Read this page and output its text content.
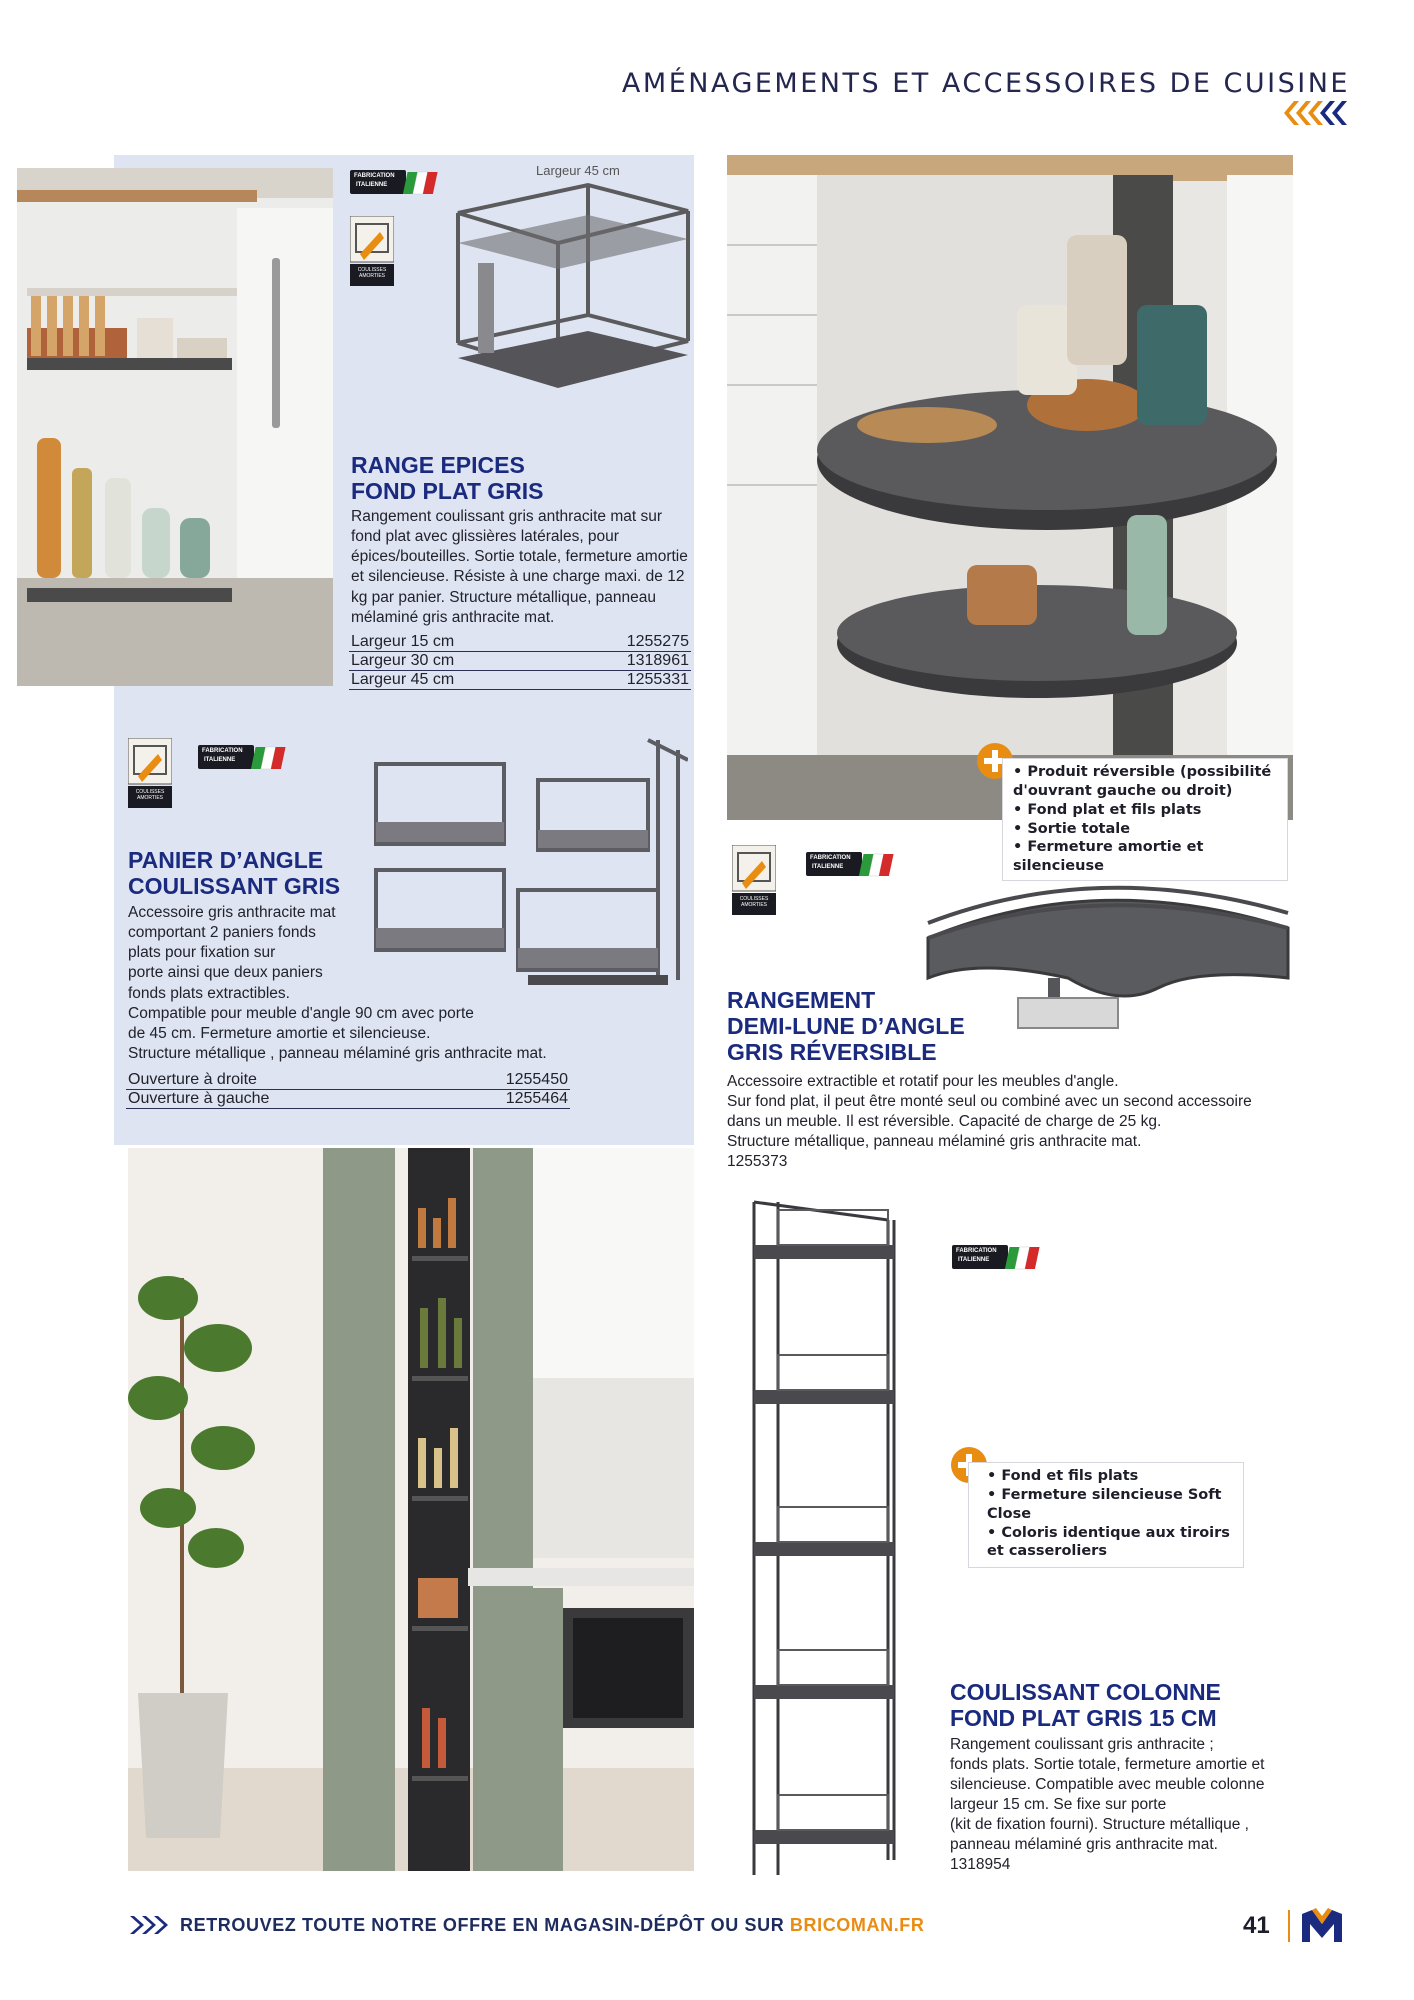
AMÉNAGEMENTS ET ACCESSOIRES DE CUISINE
Largeur 45 cm
FABRICATION
ITALIENNE
COULISSES AMORTIES
RANGE EPICES
FOND PLAT GRIS
Rangement coulissant gris anthracite mat sur fond plat avec glissières latérales, pour épices/bouteilles. Sortie totale, fermeture amortie et silencieuse. Résiste à une charge maxi. de 12 kg par panier. Structure métallique, panneau mélaminé gris anthracite mat.
Largeur 15 cm	1255275
Largeur 30 cm	1318961
Largeur 45 cm	1255331
COULISSES AMORTIES
FABRICATION
ITALIENNE
PANIER D’ANGLE
COULISSANT GRIS
Accessoire gris anthracite mat
comportant 2 paniers fonds
plats pour fixation sur
porte ainsi que deux paniers
fonds plats extractibles.
Compatible pour meuble d'angle 90 cm avec porte
de 45 cm. Fermeture amortie et silencieuse.
Structure métallique , panneau mélaminé gris anthracite mat.
Ouverture à droite	1255450
Ouverture à gauche	1255464
• Produit réversible (possibilité d'ouvrant gauche ou droit)
• Fond plat et fils plats
• Sortie totale
• Fermeture amortie et silencieuse
COULISSES AMORTIES
FABRICATION
ITALIENNE
RANGEMENT
DEMI-LUNE D’ANGLE
GRIS RÉVERSIBLE
Accessoire extractible et rotatif pour les meubles d'angle.
Sur fond plat, il peut être monté seul ou combiné avec un second accessoire
dans un meuble. Il est réversible. Capacité de charge de 25 kg.
Structure métallique, panneau mélaminé gris anthracite mat.
1255373
FABRICATION
ITALIENNE
• Fond et fils plats
• Fermeture silencieuse Soft Close
• Coloris identique aux tiroirs et casseroliers
COULISSANT COLONNE
FOND PLAT GRIS 15 CM
Rangement coulissant gris anthracite ;
fonds plats. Sortie totale, fermeture amortie et
silencieuse. Compatible avec meuble colonne
largeur 15 cm. Se fixe sur porte
(kit de fixation fourni). Structure métallique ,
panneau mélaminé gris anthracite mat.
1318954
RETROUVEZ TOUTE NOTRE OFFRE EN MAGASIN-DÉPÔT OU SUR BRICOMAN.FR	41
